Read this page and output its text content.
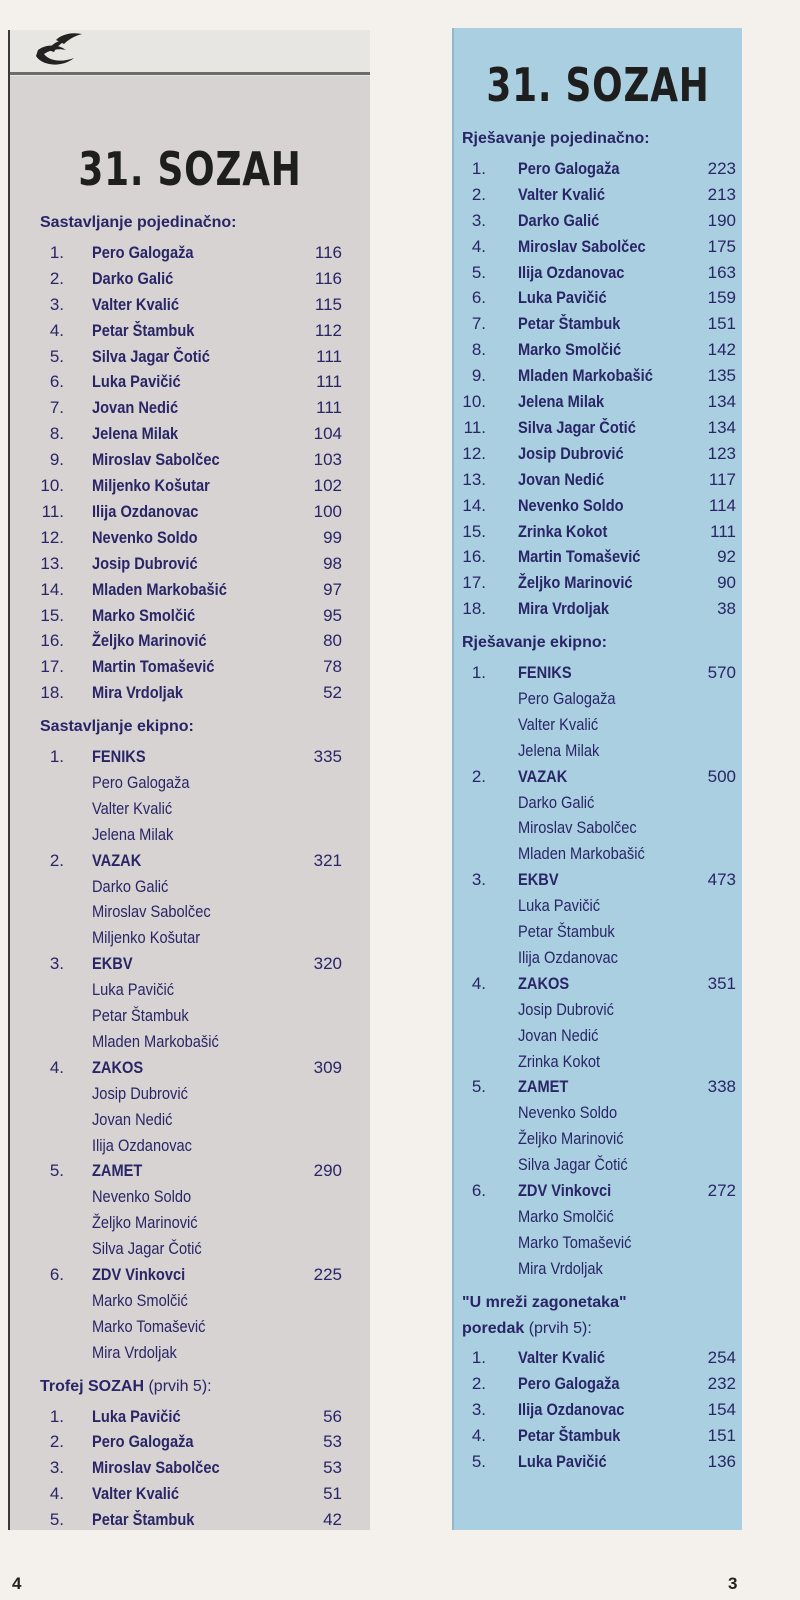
31. SOZAH
Sastavljanje pojedinačno:
1. Pero Galogaža	116
2. Darko Galić	116
3. Valter Kvalić	115
4. Petar Štambuk	112
5. Silva Jagar Čotić	111
6. Luka Pavičić	111
7. Jovan Nedić	111
8. Jelena Milak	104
9. Miroslav Sabolčec	103
10. Miljenko Košutar	102
11. Ilija Ozdanovac	100
12. Nevenko Soldo	99
13. Josip Dubrović	98
14. Mladen Markobašić	97
15. Marko Smolčić	95
16. Željko Marinović	80
17. Martin Tomašević	78
18. Mira Vrdoljak	52
Sastavljanje ekipno:
1. FENIKS	335
Pero Galogaža
Valter Kvalić
Jelena Milak
2. VAZAK	321
Darko Galić
Miroslav Sabolčec
Miljenko Košutar
3. EKBV	320
Luka Pavičić
Petar Štambuk
Mladen Markobašić
4. ZAKOS	309
Josip Dubrović
Jovan Nedić
Ilija Ozdanovac
5. ZAMET	290
Nevenko Soldo
Željko Marinović
Silva Jagar Čotić
6. ZDV Vinkovci	225
Marko Smolčić
Marko Tomašević
Mira Vrdoljak
Trofej SOZAH (prvih 5):
1. Luka Pavičić	56
2. Pero Galogaža	53
3. Miroslav Sabolčec	53
4. Valter Kvalić	51
5. Petar Štambuk	42
4
31. SOZAH
Rješavanje pojedinačno:
1. Pero Galogaža	223
2. Valter Kvalić	213
3. Darko Galić	190
4. Miroslav Sabolčec	175
5. Ilija Ozdanovac	163
6. Luka Pavičić	159
7. Petar Štambuk	151
8. Marko Smolčić	142
9. Mladen Markobašić	135
10. Jelena Milak	134
11. Silva Jagar Čotić	134
12. Josip Dubrović	123
13. Jovan Nedić	117
14. Nevenko Soldo	114
15. Zrinka Kokot	111
16. Martin Tomašević	92
17. Željko Marinović	90
18. Mira Vrdoljak	38
Rješavanje ekipno:
1. FENIKS	570
Pero Galogaža
Valter Kvalić
Jelena Milak
2. VAZAK	500
Darko Galić
Miroslav Sabolčec
Mladen Markobašić
3. EKBV	473
Luka Pavičić
Petar Štambuk
Ilija Ozdanovac
4. ZAKOS	351
Josip Dubrović
Jovan Nedić
Zrinka Kokot
5. ZAMET	338
Nevenko Soldo
Željko Marinović
Silva Jagar Čotić
6. ZDV Vinkovci	272
Marko Smolčić
Marko Tomašević
Mira Vrdoljak
"U mreži zagonetaka"
poredak (prvih 5):
1. Valter Kvalić	254
2. Pero Galogaža	232
3. Ilija Ozdanovac	154
4. Petar Štambuk	151
5. Luka Pavičić	136
3
